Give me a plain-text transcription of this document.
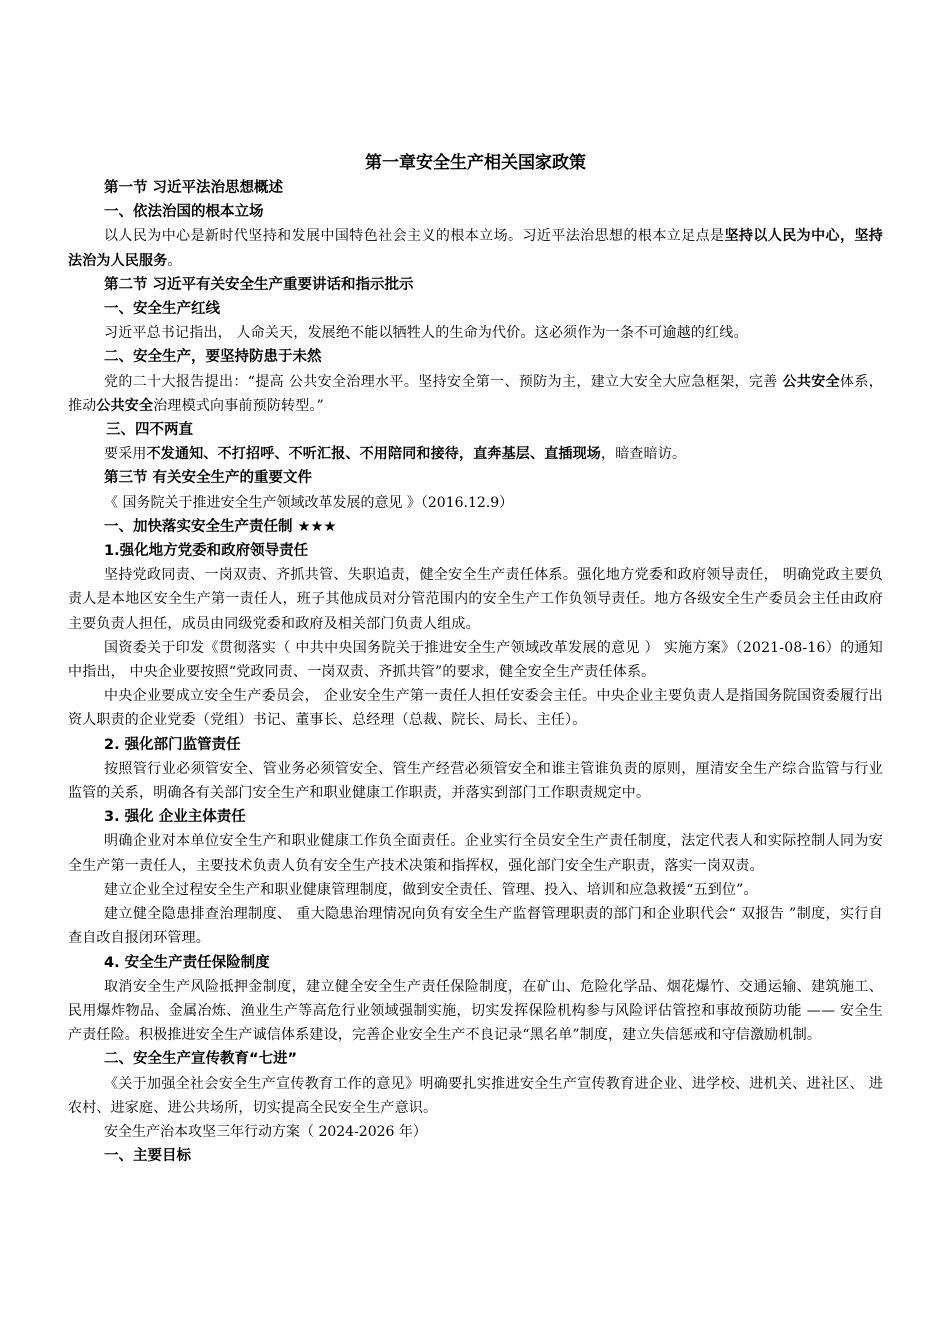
第一章安全生产相关国家政策
第一节 习近平法治思想概述
一、依法治国的根本立场
以人民为中心是新时代坚持和发展中国特色社会主义的根本立场。习近平法治思想的根本立足点是坚持以人民为中心，坚持法治为人民服务。
第二节 习近平有关安全生产重要讲话和指示批示
一、安全生产红线
习近平总书记指出， 人命关天，发展绝不能以牺牲人的生命为代价。这必须作为一条不可逾越的红线。
二、安全生产，要坚持防患于未然
党的二十大报告提出：“提高 公共安全治理水平。坚持安全第一、预防为主，建立大安全大应急框架，完善 公共安全体系，推动公共安全治理模式向事前预防转型。”
三、四不两直
要采用不发通知、不打招呼、不听汇报、不用陪同和接待，直奔基层、直插现场，暗查暗访。
第三节 有关安全生产的重要文件
《 国务院关于推进安全生产领域改革发展的意见 》（2016.12.9）
一、加快落实安全生产责任制 ★★★
1.强化地方党委和政府领导责任
坚持党政同责、一岗双责、齐抓共管、失职追责，健全安全生产责任体系。强化地方党委和政府领导责任， 明确党政主要负责人是本地区安全生产第一责任人，班子其他成员对分管范围内的安全生产工作负领导责任。地方各级安全生产委员会主任由政府主要负责人担任，成员由同级党委和政府及相关部门负责人组成。
国资委关于印发《贯彻落实（ 中共中央国务院关于推进安全生产领域改革发展的意见 ） 实施方案》（2021-08-16）的通知中指出， 中央企业要按照“党政同责、一岗双责、齐抓共管”的要求，健全安全生产责任体系。
中央企业要成立安全生产委员会， 企业安全生产第一责任人担任安委会主任。中央企业主要负责人是指国务院国资委履行出资人职责的企业党委（党组）书记、董事长、总经理（总裁、院长、局长、主任）。
2. 强化部门监管责任
按照管行业必须管安全、管业务必须管安全、管生产经营必须管安全和谁主管谁负责的原则，厘清安全生产综合监管与行业监管的关系，明确各有关部门安全生产和职业健康工作职责，并落实到部门工作职责规定中。
3. 强化 企业主体责任
明确企业对本单位安全生产和职业健康工作负全面责任。企业实行全员安全生产责任制度，法定代表人和实际控制人同为安全生产第一责任人，主要技术负责人负有安全生产技术决策和指挥权，强化部门安全生产职责，落实一岗双责。
建立企业全过程安全生产和职业健康管理制度，做到安全责任、管理、投入、培训和应急救援“五到位”。
建立健全隐患排查治理制度、 重大隐患治理情况向负有安全生产监督管理职责的部门和企业职代会“ 双报告 ”制度，实行自查自改自报闭环管理。
4. 安全生产责任保险制度
取消安全生产风险抵押金制度，建立健全安全生产责任保险制度，在矿山、危险化学品、烟花爆竹、交通运输、建筑施工、民用爆炸物品、金属冶炼、渔业生产等高危行业领域强制实施，切实发挥保险机构参与风险评估管控和事故预防功能 —— 安全生产责任险。积极推进安全生产诚信体系建设，完善企业安全生产不良记录“黑名单”制度，建立失信惩戒和守信激励机制。
二、安全生产宣传教育“七进”
《关于加强全社会安全生产宣传教育工作的意见》明确要扎实推进安全生产宣传教育进企业、进学校、进机关、进社区、 进农村、进家庭、进公共场所，切实提高全民安全生产意识。
安全生产治本攻坚三年行动方案（ 2024-2026 年）
一、主要目标
